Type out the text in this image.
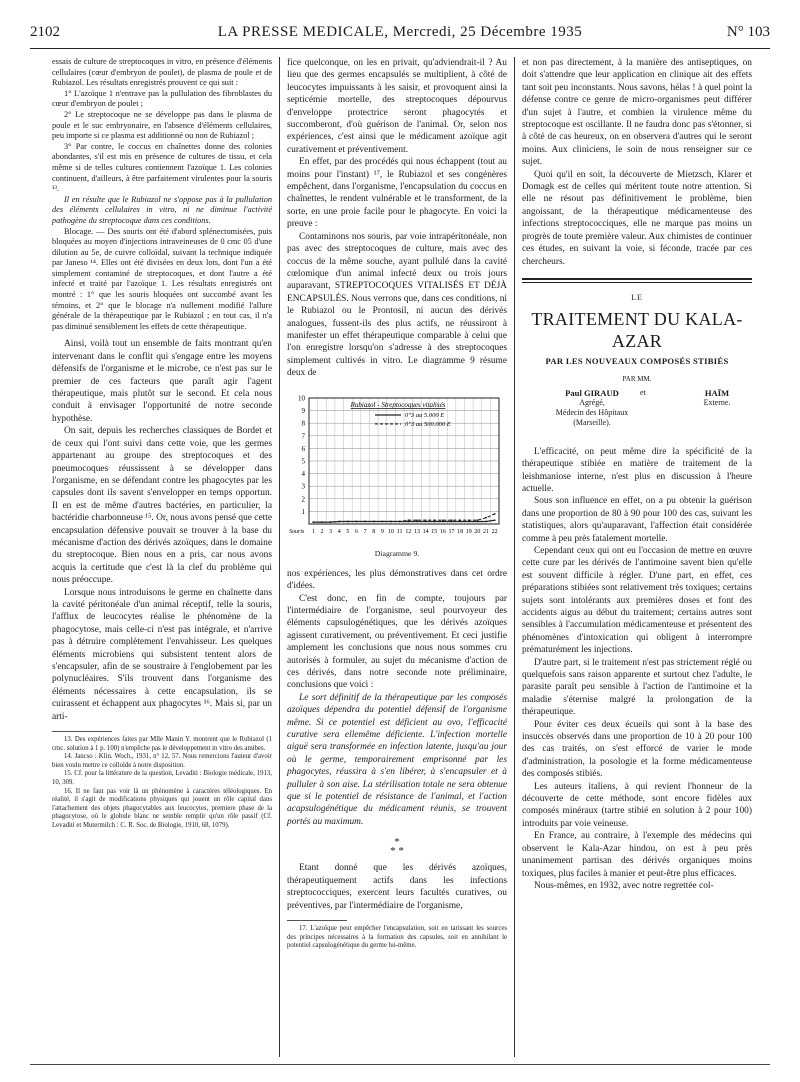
2102	LA PRESSE MEDICALE, Mercredi, 25 Décembre 1935	N° 103

essais de culture de streptocoques in vitro, en présence d'éléments cellulaires (cœur d'embryon de poulet), de plasma de poule et de Rubiazol. Les résultats enregistrés prouvent ce qui suit :

1° L'azoïque 1 n'entrave pas la pullulation des fibroblastes du cœur d'embryon de poulet ;

2° Le streptocoque ne se développe pas dans le plasma de poule et le suc embryonaire, en l'absence d'éléments cellulaires, peu importe si ce plasma est additionné ou non de Rubiazol ;

3° Par contre, le coccus en chaînettes donne des colonies abondantes, s'il est mis en présence de cultures de tissu, et cela même si de telles cultures contiennent l'azoïque 1. Les colonies continuent, d'ailleurs, à être parfaitement virulentes pour la souris ¹³.

Il en résulte que le Rubiazol ne s'oppose pas à la pullulation des éléments cellulaires in vitro, ni ne diminue l'activité pathogène du streptocoque dans ces conditions.

Blocage. — Des souris ont été d'abord splénectomisées, puis bloquées au moyen d'injections intraveineuses de 0 cmc 05 d'une dilution au 5e, de cuivre colloïdal, suivant la technique indiquée par Janeso ¹⁴. Elles ont été divisées en deux lots, dont l'un a été simplement contaminé de streptocoques, et dont l'autre a été infecté et traité par l'azoïque 1. Les résultats enregistrés ont montré : 1° que les souris bloquées ont succombé avant les témoins, et 2° que le blocage n'a nullement modifié l'allure générale de la thérapeutique par le Rubiazol ; en tout cas, il n'a pas diminué sensiblement les effets de cette thérapeutique.

Ainsi, voilà tout un ensemble de faits montrant qu'en intervenant dans le conflit qui s'engage entre les moyens défensifs de l'organisme et le microbe, ce n'est pas sur le premier de ces facteurs que paraît agir l'agent thérapeutique, mais plutôt sur le second. Et cela nous conduit à envisager l'opportunité de notre seconde hypothèse.

On sait, depuis les recherches classiques de Bordet et de ceux qui l'ont suivi dans cette voie, que les germes appartenant au groupe des streptocoques et des pneumocoques réussissent à se développer dans l'organisme, en se défendant contre les phagocytes par les capsules dont ils savent s'envelopper en temps opportun. Il en est de même d'autres bactéries, en particulier, la bactéridie charbonneuse ¹⁵. Or, nous avons pensé que cette encapsulation défensive pouvait se trouver à la base du mécanisme d'action des dérivés azoïques, dans le domaine du streptocoque. Bien nous en a pris, car nous avons acquis la certitude que c'est là la clef du problème qui nous préoccupe.

Lorsque nous introduisons le germe en chaînette dans la cavité péritonéale d'un animal réceptif, telle la souris, l'afflux de leucocytes réalise le phénomène de la phagocytose, mais celle-ci n'est pas intégrale, et n'arrive pas à détruire complètement l'envahisseur. Les quelques éléments microbiens qui subsistent tentent alors de s'encapsuler, afin de se soustraire à l'englobement par les polynucléaires. S'ils trouvent dans l'organisme des éléments nécessaires à cette encapsulation, ils se cuirassent et échappent aux phagocytes ¹⁶. Mais si, par un arti-

13. Des expériences faites par Mlle Manin Y. montrent que le Rubiazol (1 cmc. solution à 1 p. 100) n'empêche pas le développement in vitro des amibes.

14. Jancso : Klin. Woch., 1931, n° 12, 57. Nous remercions l'auteur d'avoir bien voulu mettre ce colloïde à notre disposition.

15. Cf. pour la littérature de la question, Levaditi : Biologie médicale, 1913, 10, 309.

16. Il ne faut pas voir là un phénomène à caractères téléologiques. En réalité, il s'agit de modifications physiques qui jouent un rôle capital dans l'attachement des objets phagocytables aux leucocytes, premiere phase de la phagocytose, où le globule blanc ne semble remplir qu'un rôle passif (Cf. Levaditi et Mutermilch : C. R. Soc. de Biologie, 1910, 68, 1079).

fice quelconque, on les en privait, qu'adviendrait-il ? Au lieu que des germes encapsulés se multiplient, à côté de leucocytes impuissants à les saisir, et provoquent ainsi la septicémie mortelle, des streptocoques dépourvus d'enveloppe protectrice seront phagocytés et succomberont, d'où guérison de l'animal. Or, selon nos expériences, c'est ainsi que le médicament azoïque agit curativement et préventivement.

En effet, par des procédés qui nous échappent (tout au moins pour l'instant) ¹⁷, le Rubiazol et ses congénères empêchent, dans l'organisme, l'encapsulation du coccus en chaînettes, le rendent vulnérable et le transforment, de la sorte, en une proie facile pour le phagocyte. En voici la preuve :

Contaminons nos souris, par voie intrapéritonéale, non pas avec des streptocoques de culture, mais avec des coccus de la même souche, ayant pullulé dans la cavité cœlomique d'un animal infecté deux ou trois jours auparavant, STREPTOCOQUES VITALISÉS ET DÉJÀ ENCAPSULÉS. Nous verrons que, dans ces conditions, ni le Rubiazol ou le Prontosil, ni aucun des dérivés analogues, fussent-ils des plus actifs, ne réussiront à manifester un effet thérapeutique comparable à celui que l'on enregistre lorsqu'on s'adresse à des streptocoques simplement cultivés in vitro. Le diagramme 9 résume deux de

1
2
3
4
5
6
7
8
9
10
Souris 1 2 3 4 5 6 7 8 9 10 11 12 13 14 15 16 17 18 19 20 21 22
Rubiazol - Streptocoques vitalisés
0"3 au 5.000 E
0"3 au 500.000 E
Diagramme 9.

nos expériences, les plus démonstratives dans cet ordre d'idées.

C'est donc, en fin de compte, toujours par l'intermédiaire de l'organisme, seul pourvoyeur des éléments capsulogénétiques, que les dérivés azoïques agissent curativement, ou préventivement. Et ceci justifie amplement les conclusions que nous nous sommes cru autorisés à formuler, au sujet du mécanisme d'action de ces dérivés, dans notre seconde note préliminaire, conclusions que voici :

Le sort définitif de la thérapeutique par les composés azoïques dépendra du potentiel défensif de l'organisme même. Si ce potentiel est déficient au ovo, l'efficacité curative sera ellemême déficiente. L'infection mortelle aiguë sera transformée en infection latente, jusqu'au jour où le germe, temporairement emprisonné par les phagocytes, réussira à s'en libérer, à s'encapsuler et à pulluler à son aise. La stérilisation totale ne sera obtenue que si le potentiel de résistance de l'animal, et l'action acapsulogénétique du médicament réunis, se trouvent portés au maximum.

*
* *

Etant donné que les dérivés azoïques, thérapeutiquement actifs dans les infections streptococciques, exercent leurs facultés curatives, ou préventives, par l'intermédiaire de l'organisme,

17. L'azoïque peut empêcher l'encapsulation, soit en tarissant les sources des principes nécessaires à la formation des capsules, soit en annihilant le potentiel capsulogénétique du germe lui-même.

et non pas directement, à la manière des antiseptiques, on doit s'attendre que leur application en clinique ait des effets tant soit peu inconstants. Nous savons, hélas ! à quel point la défense contre ce genre de micro-organismes peut différer d'un sujet à l'autre, et combien la virulence même du streptocoque est oscillante. Il ne faudra donc pas s'étonner, si à côté de cas heureux, on en observera d'autres qui le seront moins. Aux cliniciens, le soin de nous renseigner sur ce sujet.

Quoi qu'il en soit, la découverte de Mietzsch, Klarer et Domagk est de celles qui méritent toute notre attention. Si elle ne résout pas définitivement le problème, bien angoissant, de la thérapeutique médicamenteuse des infections streptococciques, elle ne marque pas moins un progrès de toute première valeur. Aux chimistes de continuer ces études, en suivant la voie, si féconde, tracée par ces chercheurs.

LE
TRAITEMENT DU KALA-AZAR
PAR LES NOUVEAUX COMPOSÉS STIBIÉS
PAR MM.
Paul GIRAUD
Agrégé,
Médecin des Hôpitaux
(Marseille).
et	HAÏM
Externe.

L'efficacité, on peut même dire la spécificité de la thérapeutique stibiée en matière de traitement de la leishmaniose interne, n'est plus en discussion à l'heure actuelle.

Sous son influence en effet, on a pu obtenir la guérison dans une proportion de 80 à 90 pour 100 des cas, suivant les statistiques, alors qu'auparavant, l'affection était considérée comme à peu près fatalement mortelle.

Cependant ceux qui ont eu l'occasion de mettre en œuvre cette cure par les dérivés de l'antimoine savent bien qu'elle est souvent difficile à régler. D'une part, en effet, ces préparations stibiées sont relativement très toxiques; certains sujets sont intolérants aux premières doses et font des accidents aigus au début du traitement; certains autres sont sensibles à l'accumulation médicamenteuse et présentent des phénomènes d'intoxication qui obligent à interrompre prématurément les injections.

D'autre part, si le traitement n'est pas strictement réglé ou quelquefois sans raison apparente et surtout chez l'adulte, le parasite paraît peu sensible à l'action de l'antimoine et la maladie s'éternise malgré la prolongation de la thérapeutique.

Pour éviter ces deux écueils qui sont à la base des insuccès observés dans une proportion de 10 à 20 pour 100 des cas traités, on s'est efforcé de varier le mode d'administration, la posologie et la forme médicamenteuse des composés stibiés.

Les auteurs italiens, à qui revient l'honneur de la découverte de cette méthode, sont encore fidèles aux composés minéraux (tartre stibié en solution à 2 pour 100) introduits par voie veineuse.

En France, au contraire, à l'exemple des médecins qui observent le Kala-Azar hindou, on est à peu près unanimement partisan des dérivés organiques moins toxiques, plus faciles à manier et peut-être plus efficaces.

Nous-mêmes, en 1932, avec notre regrettée col-
